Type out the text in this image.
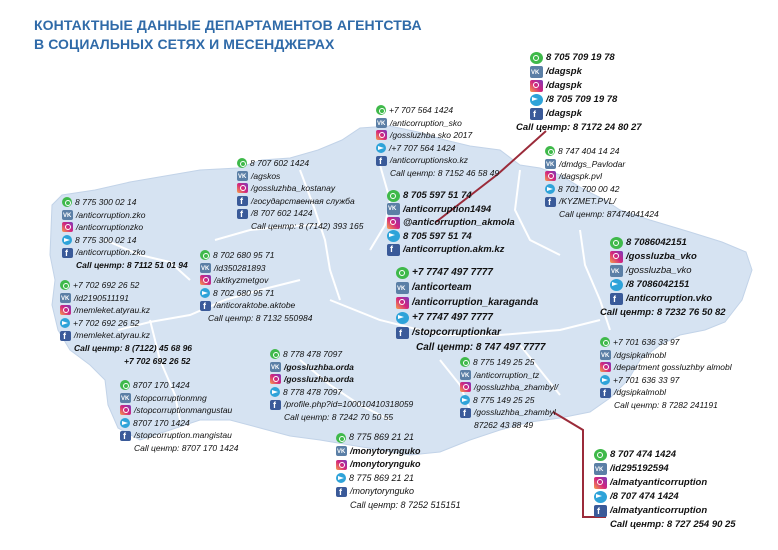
КОНТАКТНЫЕ ДАННЫЕ ДЕПАРТАМЕНТОВ АГЕНТСТВА
В СОЦИАЛЬНЫХ СЕТЯХ И МЕСЕНДЖЕРАХ
8 775 300 02 14
VK
/anticorruption.zko
/anticorruptionzko
8 775 300 02 14
f
/anticorruption.zko
Call центр: 8 7112 51 01 94
+7 702 692 26 52
VK
/id2190511191
/memleket.atyrau.kz
+7 702 692 26 52
f
/memleket.atyrau.kz
Call центр: 8 (7122) 45 68 96
+7 702 692 26 52
8 702 680 95 71
VK
/id350281893
/aktkyzmetgov
8 702 680 95 71
f
/anticoraktobe.aktobe
Call центр: 8 7132 550984
8707 170 1424
VK
/stopcorruptionmng
/stopcorruptionmangustau
8707 170 1424
f
/stopcorruption.mangistau
Call центр: 8707 170 1424
8 707 602 1424
VK
/agskos
/gossluzhba_kostanay
f
/государственная служба
f
/8 707 602 1424
Call центр: 8 (7142) 393 165
+7 707 564 1424
VK
/anticorruption_sko
/gossluzhba sko 2017
/+7 707 564 1424
f
/anticorruptionsko.kz
Call центр: 8 7152 46 58 49
8 705 597 51 74
VK
/anticorruption1494
@anticorruption_akmola
8 705 597 51 74
f
/anticorruption.akm.kz
8 705 709 19 78
VK
/dagspk
/dagspk
/8 705 709 19 78
f
/dagspk
Call центр: 8 7172 24 80 27
8 747 404 14 24
VK
/dmdgs_Pavlodar
/dagspk.pvl
8 701 700 00 42
f
/KYZMET.PVL/
Call центр: 87474041424
+7 7747 497 7777
VK
/anticorteam
/anticorruption_karaganda
+7 7747 497 7777
f
/stopcorruptionkar
Call центр: 8 747 497 7777
8 7086042151
/gossluzba_vko
VK
/gossluzba_vko
/8 7086042151
f
/anticorruption.vko
Call центр: 8 7232 76 50 82
8 778 478 7097
VK
/gossluzhba.orda
/gossluzhba.orda
8 778 478 7097
f
/profile.php?id=100010410318059
Call центр: 8 7242 70 50 55
8 775 149 25 25
VK
/anticorruption_tz
/gossluzhba_zhambyl/
8 775 149 25 25
f
/gossluzhba_zhambyl
87262 43 88 49
+7 701 636 33 97
VK
/dgsipkalmobl
/department gossluzhby almobl
+7 701 636 33 97
f
/dgsipkalmobl
Call центр: 8 7282 241191
8 775 869 21 21
VK
/monytorynguko
/monytorynguko
8 775 869 21 21
f
/monytorynguko
Call центр: 8 7252 515151
8 707 474 1424
VK
/id295192594
/almatyanticorruption
/8 707 474 1424
f
/almatyanticorruption
Call центр: 8 727 254 90 25
